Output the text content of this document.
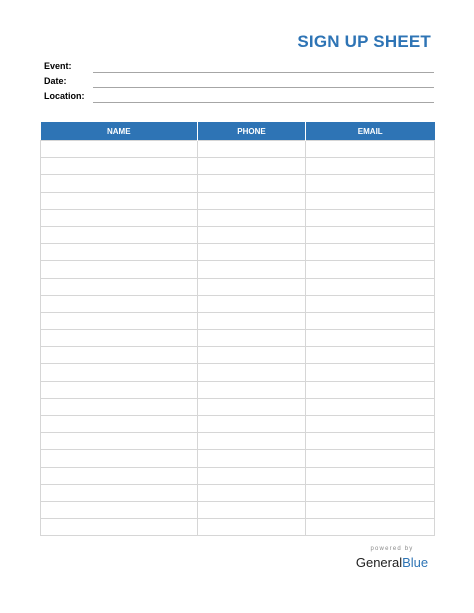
SIGN UP SHEET
Event:
Date:
Location:
NAME	PHONE	EMAIL

powered by
GeneralBlue
